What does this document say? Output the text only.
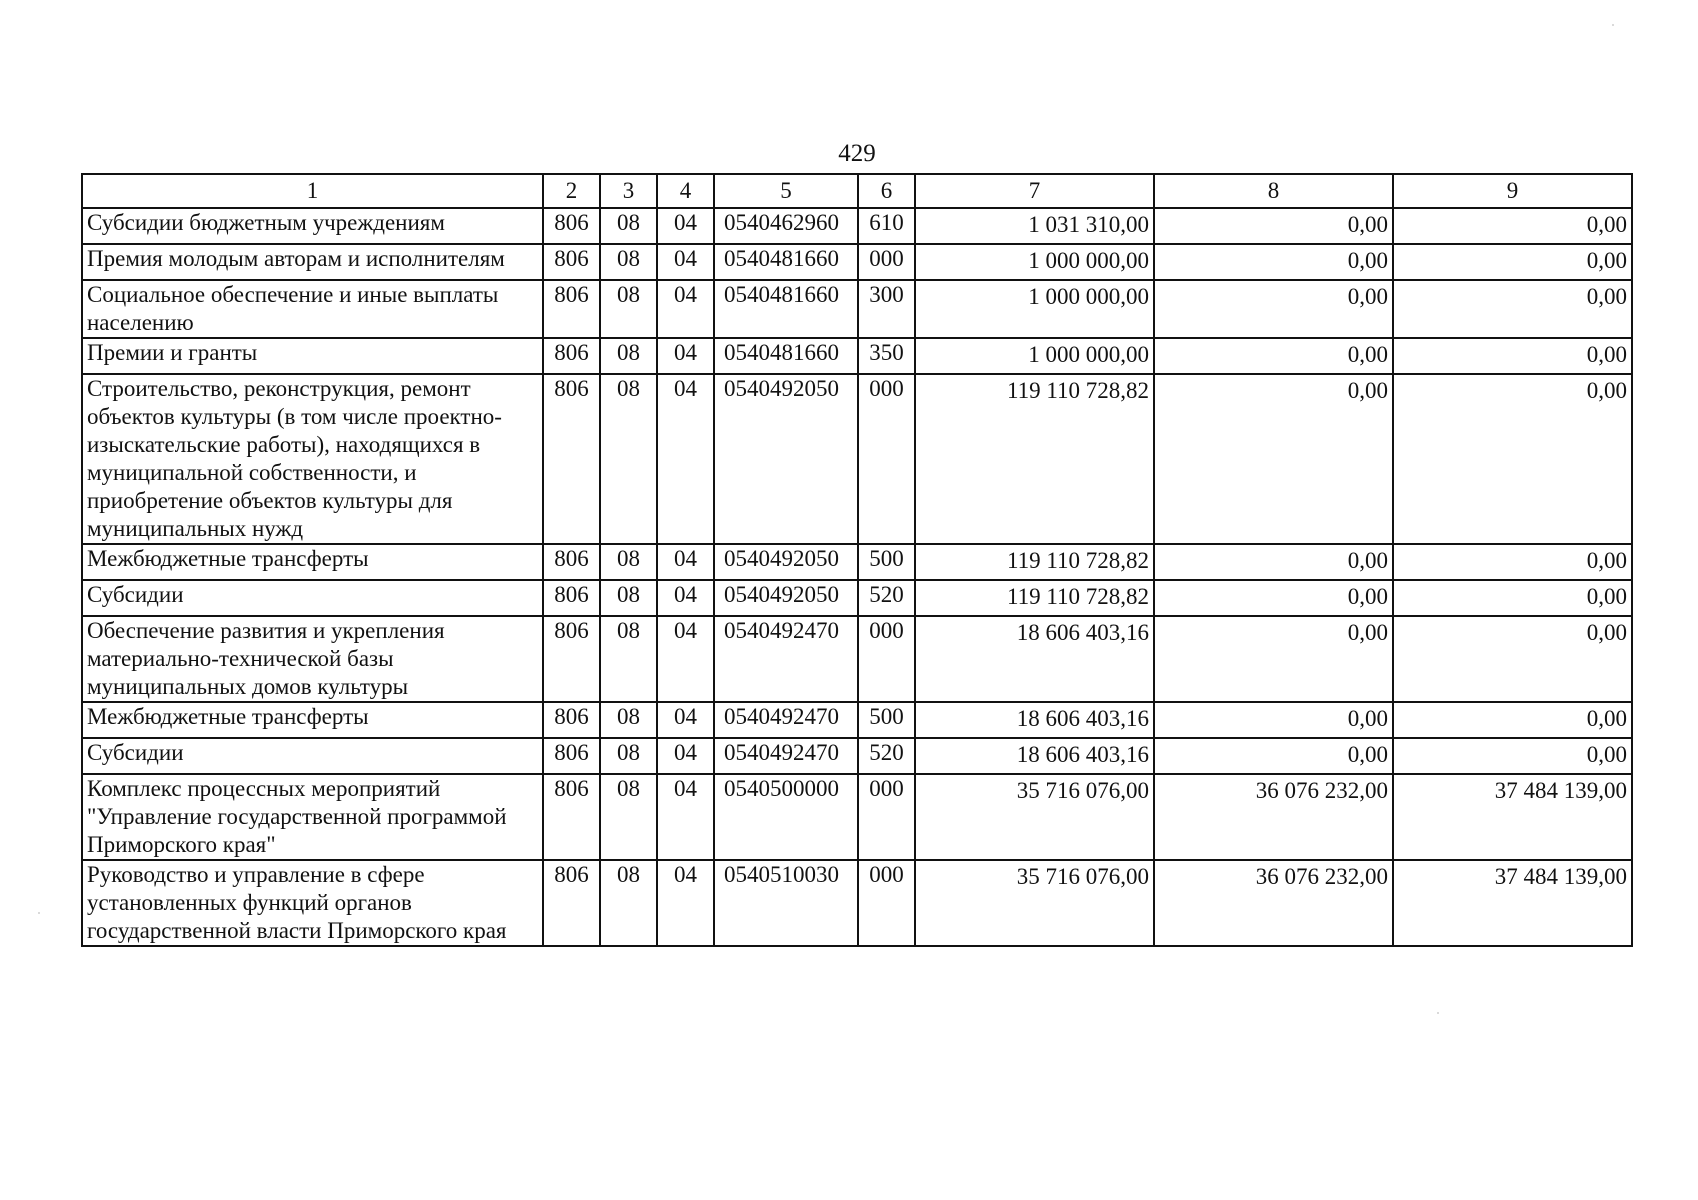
429
1	2	3	4	5	6	7	8	9
Субсидии бюджетным учреждениям	806	08	04	0540462960	610	1 031 310,00	0,00	0,00
Премия молодым авторам и исполнителям	806	08	04	0540481660	000	1 000 000,00	0,00	0,00
Социальное обеспечение и иные выплаты населению	806	08	04	0540481660	300	1 000 000,00	0,00	0,00
Премии и гранты	806	08	04	0540481660	350	1 000 000,00	0,00	0,00
Строительство, реконструкция, ремонт объектов культуры (в том числе проектно-изыскательские работы), находящихся в муниципальной собственности, и приобретение объектов культуры для муниципальных нужд	806	08	04	0540492050	000	119 110 728,82	0,00	0,00
Межбюджетные трансферты	806	08	04	0540492050	500	119 110 728,82	0,00	0,00
Субсидии	806	08	04	0540492050	520	119 110 728,82	0,00	0,00
Обеспечение развития и укрепления материально-технической базы муниципальных домов культуры	806	08	04	0540492470	000	18 606 403,16	0,00	0,00
Межбюджетные трансферты	806	08	04	0540492470	500	18 606 403,16	0,00	0,00
Субсидии	806	08	04	0540492470	520	18 606 403,16	0,00	0,00
Комплекс процессных мероприятий "Управление государственной программой Приморского края"	806	08	04	0540500000	000	35 716 076,00	36 076 232,00	37 484 139,00
Руководство и управление в сфере установленных функций органов государственной власти Приморского края	806	08	04	0540510030	000	35 716 076,00	36 076 232,00	37 484 139,00
